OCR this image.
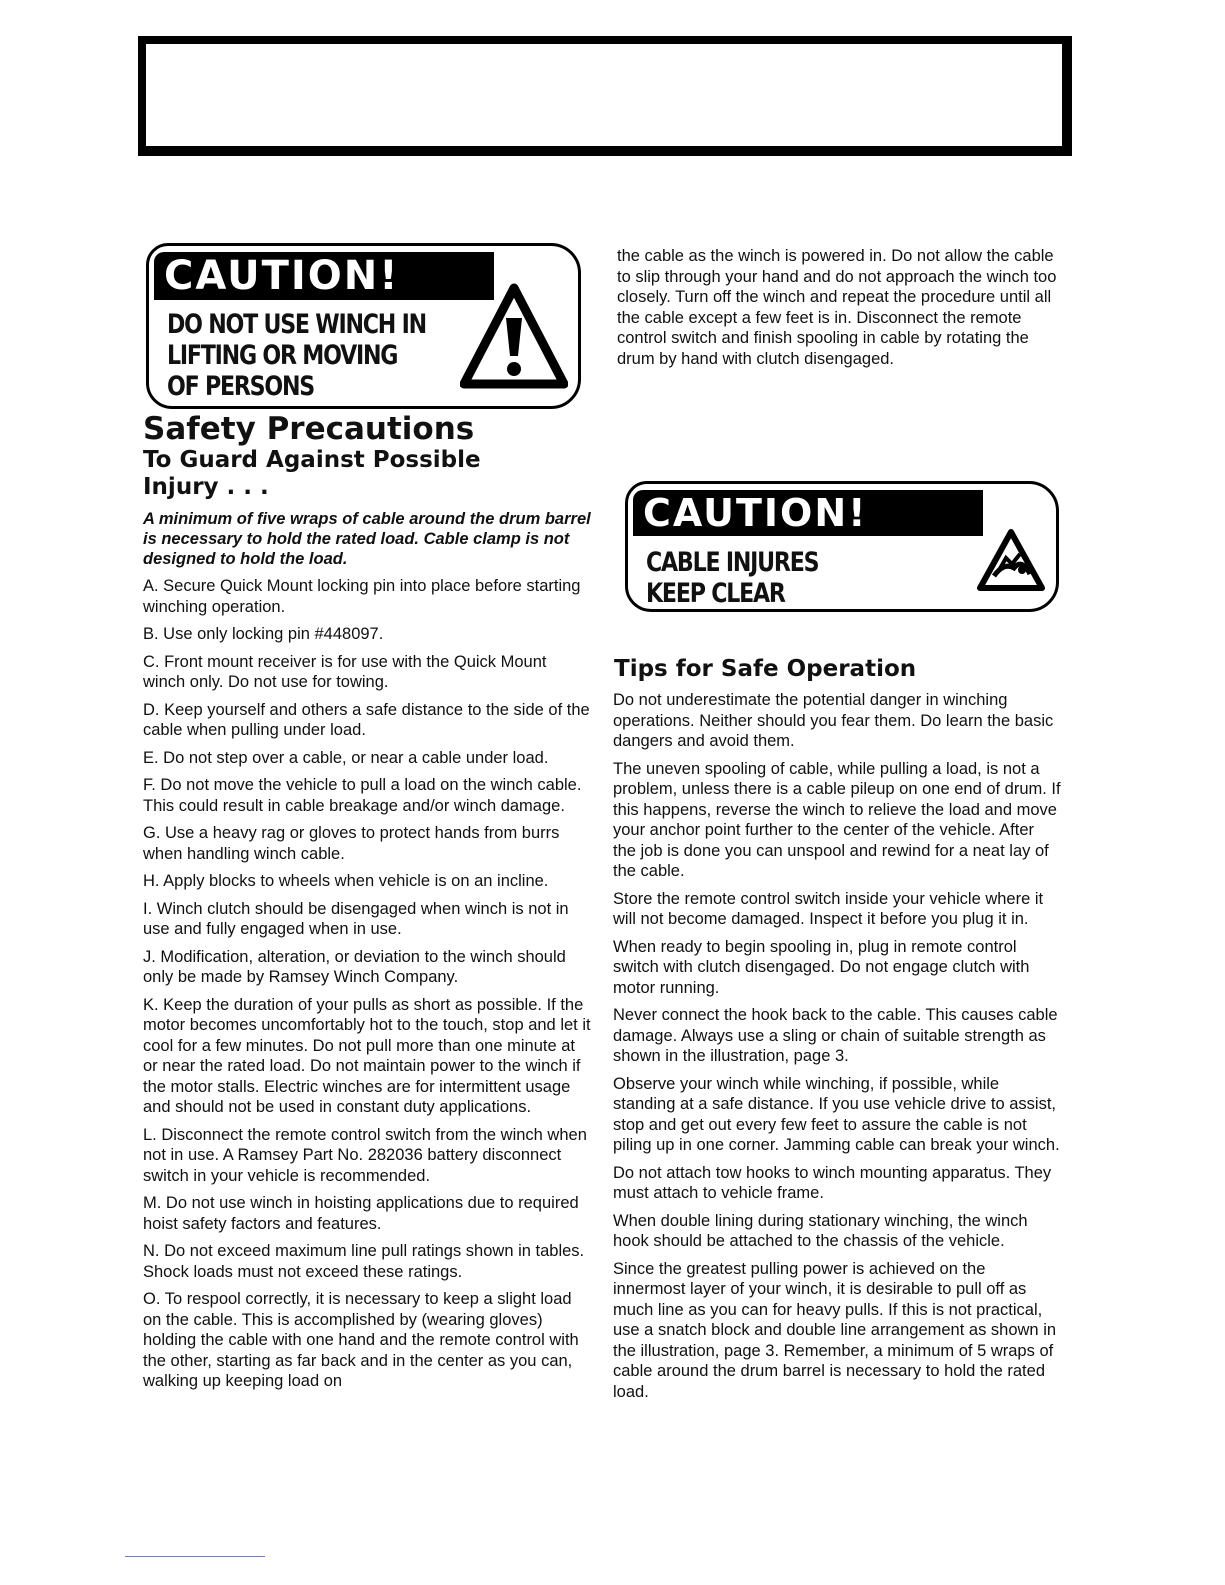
CAUTION!
DO NOT USE WINCH IN
LIFTING OR MOVING
OF PERSONS
Safety Precautions
To Guard Against Possible Injury . . .

A minimum of five wraps of cable around the drum barrel is necessary to hold the rated load. Cable clamp is not designed to hold the load.

A. Secure Quick Mount locking pin into place before starting winching operation.

B. Use only locking pin #448097.

C. Front mount receiver is for use with the Quick Mount winch only. Do not use for towing.

D. Keep yourself and others a safe distance to the side of the cable when pulling under load.

E. Do not step over a cable, or near a cable under load.

F. Do not move the vehicle to pull a load on the winch cable. This could result in cable breakage and/or winch damage.

G. Use a heavy rag or gloves to protect hands from burrs when handling winch cable.

H. Apply blocks to wheels when vehicle is on an incline.

I. Winch clutch should be disengaged when winch is not in use and fully engaged when in use.

J. Modification, alteration, or deviation to the winch should only be made by Ramsey Winch Company.

K. Keep the duration of your pulls as short as possible. If the motor becomes uncomfortably hot to the touch, stop and let it cool for a few minutes. Do not pull more than one minute at or near the rated load. Do not maintain power to the winch if the motor stalls. Electric winches are for intermittent usage and should not be used in constant duty applications.

L. Disconnect the remote control switch from the winch when not in use. A Ramsey Part No. 282036 battery disconnect switch in your vehicle is recommended.

M. Do not use winch in hoisting applications due to required hoist safety factors and features.

N. Do not exceed maximum line pull ratings shown in tables. Shock loads must not exceed these ratings.

O. To respool correctly, it is necessary to keep a slight load on the cable. This is accomplished by (wearing gloves) holding the cable with one hand and the remote control with the other, starting as far back and in the center as you can, walking up keeping load on

the cable as the winch is powered in. Do not allow the cable to slip through your hand and do not approach the winch too closely. Turn off the winch and repeat the procedure until all the cable except a few feet is in. Disconnect the remote control switch and finish spooling in cable by rotating the drum by hand with clutch disengaged.

CAUTION!
CABLE INJURES
KEEP CLEAR
Tips for Safe Operation

Do not underestimate the potential danger in winching operations. Neither should you fear them. Do learn the basic dangers and avoid them.

The uneven spooling of cable, while pulling a load, is not a problem, unless there is a cable pileup on one end of drum. If this happens, reverse the winch to relieve the load and move your anchor point further to the center of the vehicle. After the job is done you can unspool and rewind for a neat lay of the cable.

Store the remote control switch inside your vehicle where it will not become damaged. Inspect it before you plug it in.

When ready to begin spooling in, plug in remote control switch with clutch disengaged. Do not engage clutch with motor running.

Never connect the hook back to the cable. This causes cable damage. Always use a sling or chain of suitable strength as shown in the illustration, page 3.

Observe your winch while winching, if possible, while standing at a safe distance. If you use vehicle drive to assist, stop and get out every few feet to assure the cable is not piling up in one corner. Jamming cable can break your winch.

Do not attach tow hooks to winch mounting apparatus. They must attach to vehicle frame.

When double lining during stationary winching, the winch hook should be attached to the chassis of the vehicle.

Since the greatest pulling power is achieved on the innermost layer of your winch, it is desirable to pull off as much line as you can for heavy pulls. If this is not practical, use a snatch block and double line arrangement as shown in the illustration, page 3. Remember, a minimum of 5 wraps of cable around the drum barrel is necessary to hold the rated load.
